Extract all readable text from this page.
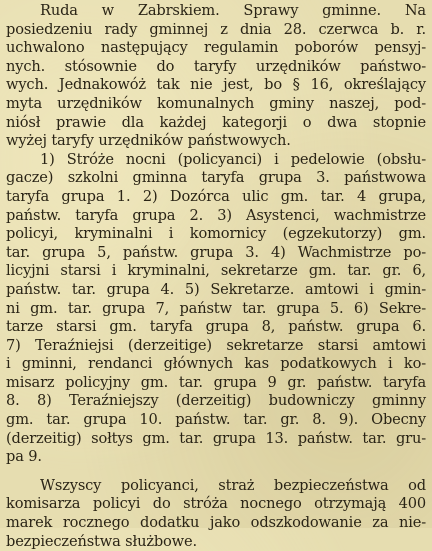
Ruda w Zabrskiem. Sprawy gminne. Na
posiedzeniu rady gminnej z dnia 28. czerwca b. r.
uchwalono następujący regulamin poborów pensyj-
nych. stósownie do taryfy urzędników państwo-
wych. Jednakowóż tak nie jest, bo § 16, określający
myta urzędników komunalnych gminy naszej, pod-
niósł prawie dla każdej kategorji o dwa stopnie
wyżej taryfy urzędników państwowych.
1) Stróże nocni (policyanci) i pedelowie (obsłu-
gacze) szkolni gminna taryfa grupa 3. państwowa
taryfa grupa 1. 2) Dozórca ulic gm. tar. 4 grupa,
państw. taryfa grupa 2. 3) Asystenci, wachmistrze
policyi, kryminalni i komornicy (egzekutorzy) gm.
tar. grupa 5, państw. grupa 3. 4) Wachmistrze po-
licyjni starsi i kryminalni, sekretarze gm. tar. gr. 6,
państw. tar. grupa 4. 5) Sekretarze. amtowi i gmin-
ni gm. tar. grupa 7, państw tar. grupa 5. 6) Sekre-
tarze starsi gm. taryfa grupa 8, państw. grupa 6.
7) Teraźniejsi (derzeitige) sekretarze starsi amtowi
i gminni, rendanci głównych kas podatkowych i ko-
misarz policyjny gm. tar. grupa 9 gr. państw. taryfa
8. 8) Teraźniejszy (derzeitig) budowniczy gminny
gm. tar. grupa 10. państw. tar. gr. 8. 9). Obecny
(derzeitig) sołtys gm. tar. grupa 13. państw. tar. gru-
pa 9.
Wszyscy policyanci, straż bezpieczeństwa od
komisarza policyi do stróża nocnego otrzymają 400
marek rocznego dodatku jako odszkodowanie za nie-
bezpieczeństwa służbowe.
